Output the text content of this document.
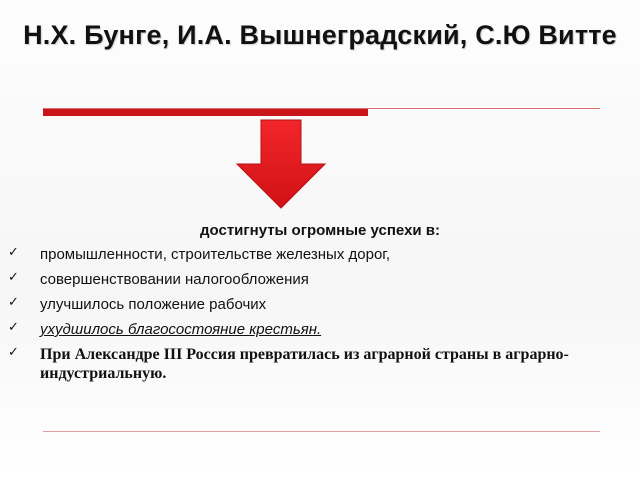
Н.Х. Бунге, И.А. Вышнеградский, С.Ю Витте
достигнуты огромные успехи в:
✓ промышленности, строительстве железных дорог,
✓ совершенствовании налогообложения
✓ улучшилось положение рабочих
✓ ухудшилось благосостояние крестьян.
✓ При Александре III Россия превратилась из аграрной страны в аграрно-индустриальную.
